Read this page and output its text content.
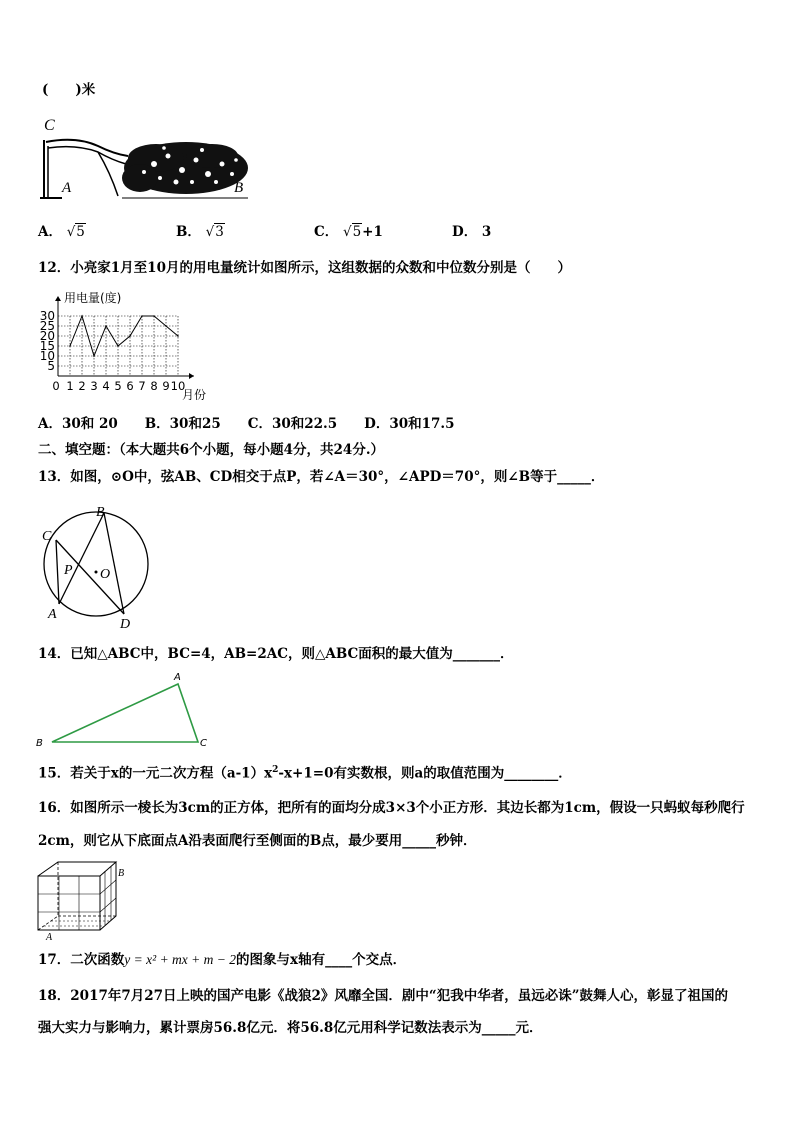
(　　)米
C
A	B
A． √5	B． √3	C． √5+1	D． 3
12．小亮家1月至10月的用电量统计如图所示，这组数据的众数和中位数分别是（　　）
用电量(度)
月份
5
10
15
20
25
30
0 1 2 3 4 5 6 7 8 9 10
A．30和 20　　B．30和25　　C．30和22.5　　D．30和17.5
二、填空题：（本大题共6个小题，每小题4分，共24分.）
13．如图，⊙O中，弦AB、CD相交于点P，若∠A＝30°，∠APD＝70°，则∠B等于_____．
C
B
P O
A
D
14．已知△ABC中，BC=4，AB=2AC，则△ABC面积的最大值为_______．
A
B	C
15．若关于x的一元二次方程$(a-1)x^2-x+1=0$有实数根，则a的取值范围为________．
16．如图所示一棱长为3cm的正方体，把所有的面均分成3×3个小正方形．其边长都为1cm，假设一只蚂蚁每秒爬行
2cm，则它从下底面点A沿表面爬行至侧面的B点，最少要用_____秒钟．
B
A
17．二次函数y = x² + mx + m − 2的图象与x轴有____个交点．
18．2017年7月27日上映的国产电影《战狼2》风靡全国．剧中“犯我中华者，虽远必诛”鼓舞人心，彰显了祖国的
强大实力与影响力，累计票房56.8亿元．将56.8亿元用科学记数法表示为_____元．
